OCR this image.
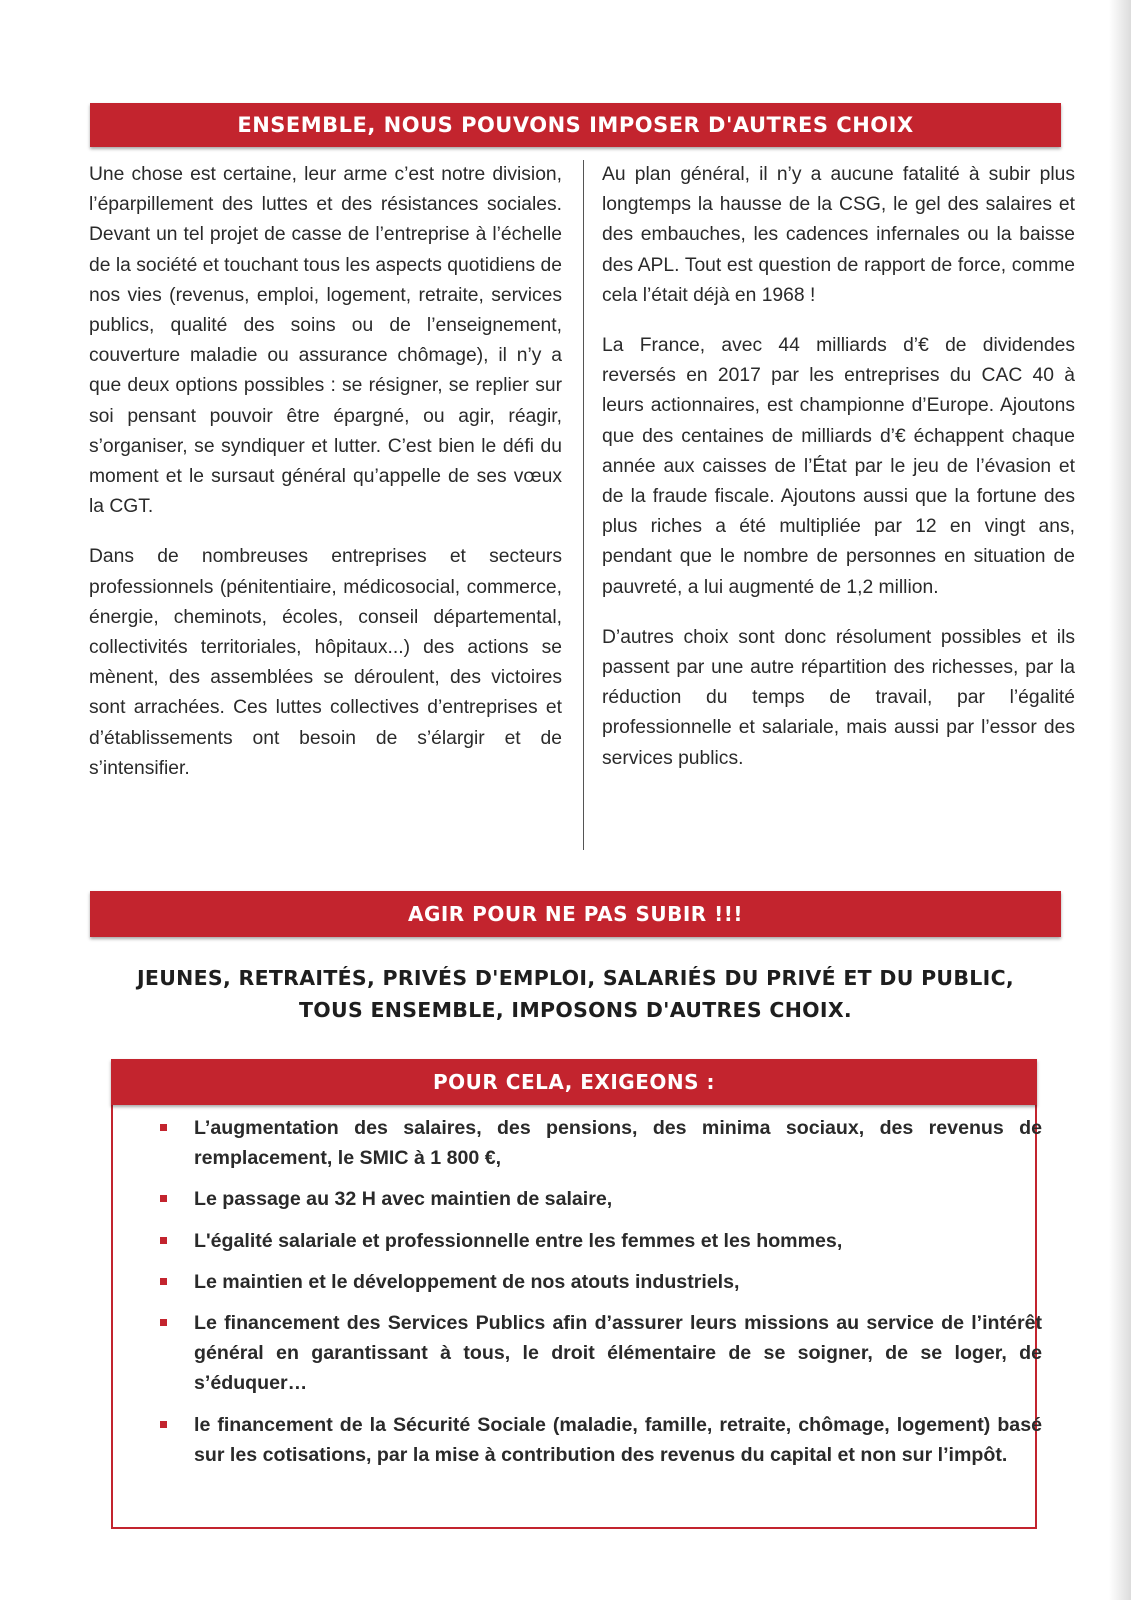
ENSEMBLE, NOUS POUVONS IMPOSER D'AUTRES CHOIX

Une chose est certaine, leur arme c’est notre division, l’éparpillement des luttes et des résistances sociales. Devant un tel projet de casse de l’entreprise à l’échelle de la société et touchant tous les aspects quotidiens de nos vies (revenus, emploi, logement, retraite, services publics, qualité des soins ou de l’enseignement, couverture maladie ou assurance chômage), il n’y a que deux options possibles : se résigner, se replier sur soi pensant pouvoir être épargné, ou agir, réagir, s’organiser, se syndiquer et lutter. C’est bien le défi du moment et le sursaut général qu’appelle de ses vœux la CGT.

Dans de nombreuses entreprises et secteurs professionnels (pénitentiaire, médicosocial, commerce, énergie, cheminots, écoles, conseil départemental, collectivités territoriales, hôpitaux...) des actions se mènent, des assemblées se déroulent, des victoires sont arrachées. Ces luttes collectives d’entreprises et d’établissements ont besoin de s’élargir et de s’intensifier.

Au plan général, il n’y a aucune fatalité à subir plus longtemps la hausse de la CSG, le gel des salaires et des embauches, les cadences infernales ou la baisse des APL. Tout est question de rapport de force, comme cela l’était déjà en 1968 !

La France, avec 44 milliards d’€ de dividendes reversés en 2017 par les entreprises du CAC 40 à leurs actionnaires, est championne d’Europe. Ajoutons que des centaines de milliards d’€ échappent chaque année aux caisses de l’État par le jeu de l’évasion et de la fraude fiscale. Ajoutons aussi que la fortune des plus riches a été multipliée par 12 en vingt ans, pendant que le nombre de personnes en situation de pauvreté, a lui augmenté de 1,2 million.

D’autres choix sont donc résolument possibles et ils passent par une autre répartition des richesses, par la réduction du temps de travail, par l’égalité professionnelle et salariale, mais aussi par l’essor des services publics.

AGIR POUR NE PAS SUBIR !!!
JEUNES, RETRAITÉS, PRIVÉS D'EMPLOI, SALARIÉS DU PRIVÉ ET DU PUBLIC,
TOUS ENSEMBLE, IMPOSONS D'AUTRES CHOIX.
POUR CELA, EXIGEONS :
L’augmentation des salaires, des pensions, des minima sociaux, des revenus de remplacement, le SMIC à 1 800 €,
Le passage au 32 H avec maintien de salaire,
L'égalité salariale et professionnelle entre les femmes et les hommes,
Le maintien et le développement de nos atouts industriels,
Le financement des Services Publics afin d’assurer leurs missions au service de l’intérêt général en garantissant à tous, le droit élémentaire de se soigner, de se loger, de s’éduquer…
le financement de la Sécurité Sociale (maladie, famille, retraite, chômage, logement) basé sur les cotisations, par la mise à contribution des revenus du capital et non sur l’impôt.
